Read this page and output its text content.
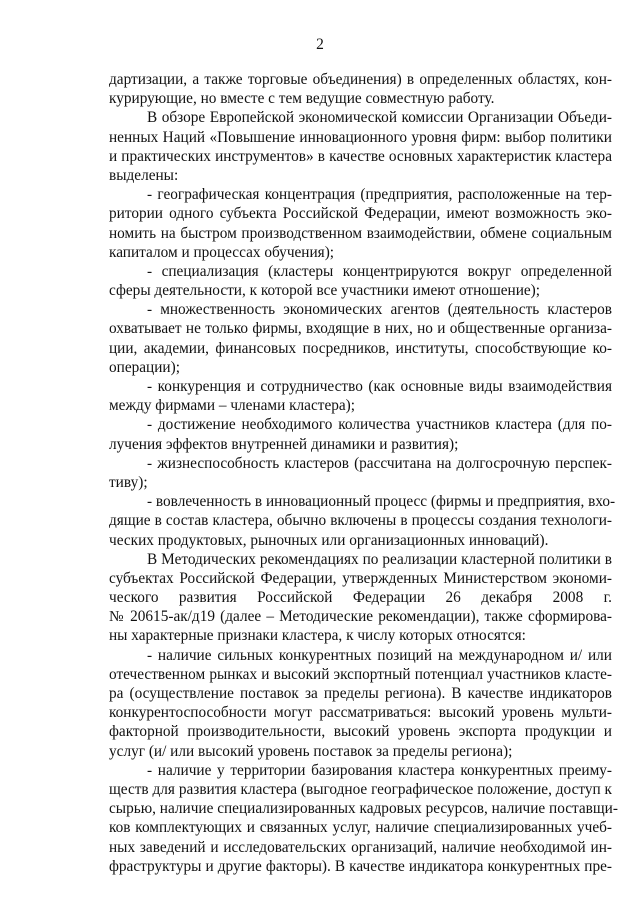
2
дартизации, а также торговые объединения) в определенных областях, кон-
курирующие, но вместе с тем ведущие совместную работу.
В обзоре Европейской экономической комиссии Организации Объеди-
ненных Наций «Повышение инновационного уровня фирм: выбор политики
и практических инструментов» в качестве основных характеристик кластера
выделены:
- географическая концентрация (предприятия, расположенные на тер-
ритории одного субъекта Российской Федерации, имеют возможность эко-
номить на быстром производственном взаимодействии, обмене социальным
капиталом и процессах обучения);
- специализация (кластеры концентрируются вокруг определенной
сферы деятельности, к которой все участники имеют отношение);
- множественность экономических агентов (деятельность кластеров
охватывает не только фирмы, входящие в них, но и общественные организа-
ции, академии, финансовых посредников, институты, способствующие ко-
операции);
- конкуренция и сотрудничество (как основные виды взаимодействия
между фирмами – членами кластера);
- достижение необходимого количества участников кластера (для по-
лучения эффектов внутренней динамики и развития);
- жизнеспособность кластеров (рассчитана на долгосрочную перспек-
тиву);
- вовлеченность в инновационный процесс (фирмы и предприятия, вхо-
дящие в состав кластера, обычно включены в процессы создания технологи-
ческих продуктовых, рыночных или организационных инноваций).
В Методических рекомендациях по реализации кластерной политики в
субъектах Российской Федерации, утвержденных Министерством экономи-
ческого развития Российской Федерации 26 декабря 2008 г.
№ 20615-ак/д19 (далее – Методические рекомендации), также сформирова-
ны характерные признаки кластера, к числу которых относятся:
- наличие сильных конкурентных позиций на международном и/ или
отечественном рынках и высокий экспортный потенциал участников класте-
ра (осуществление поставок за пределы региона). В качестве индикаторов
конкурентоспособности могут рассматриваться: высокий уровень мульти-
факторной производительности, высокий уровень экспорта продукции и
услуг (и/ или высокий уровень поставок за пределы региона);
- наличие у территории базирования кластера конкурентных преиму-
ществ для развития кластера (выгодное географическое положение, доступ к
сырью, наличие специализированных кадровых ресурсов, наличие поставщи-
ков комплектующих и связанных услуг, наличие специализированных учеб-
ных заведений и исследовательских организаций, наличие необходимой ин-
фраструктуры и другие факторы). В качестве индикатора конкурентных пре-
